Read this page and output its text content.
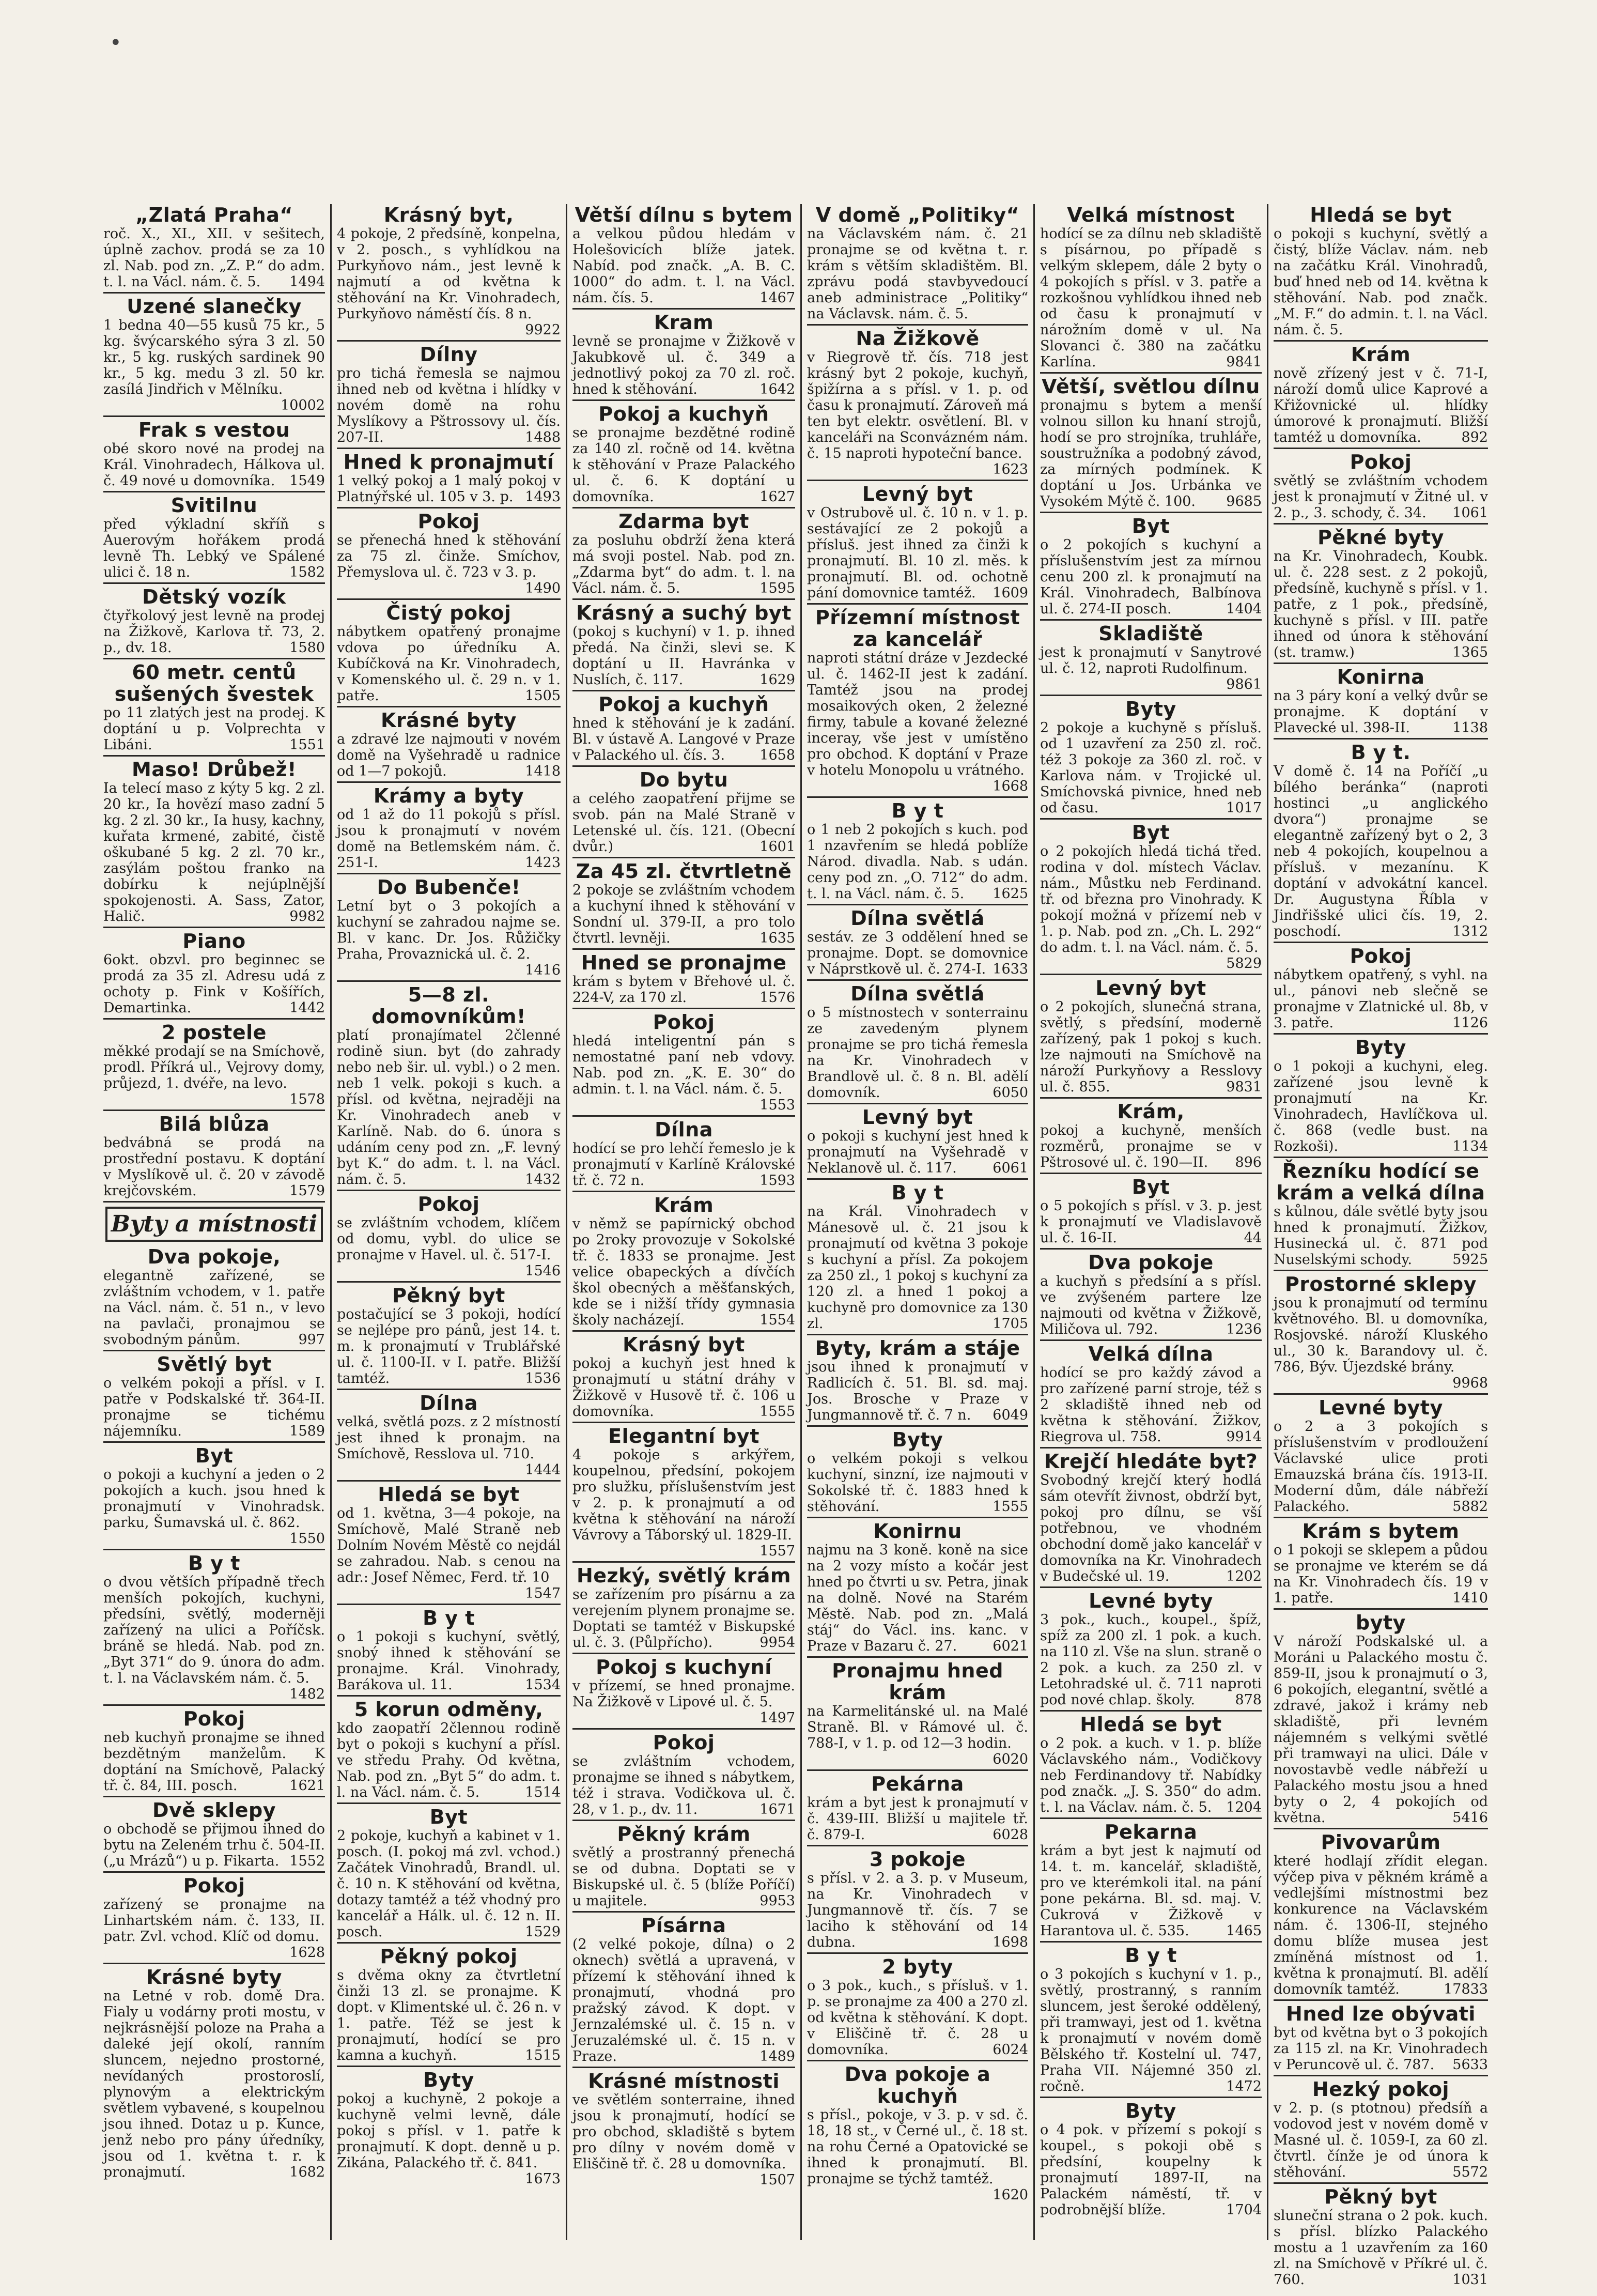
•
„Zlatá Praha“

roč. X., XI., XII. v sešitech, úplně zachov. prodá se za 10 zl. Nab. pod zn. „Z. P.“ do adm. t. l. na Václ. nám. č. 5. 1494

Uzené slanečky

1 bedna 40—55 kusů 75 kr., 5 kg. švýcarského sýra 3 zl. 50 kr., 5 kg. ruských sardinek 90 kr., 5 kg. medu 3 zl. 50 kr. zasílá Jindřich v Mělníku.
10002

Frak s vestou

obé skoro nové na prodej na Král. Vinohradech, Hálkova ul. č. 49 nové u domovníka. 1549

Svitilnu

před výkladní skříň s Auerovým hořákem prodá levně Th. Lebký ve Spálené ulici č. 18 n.	1582

Dětský vozík

čtyřkolový jest levně na prodej na Žižkově, Karlova tř. 73, 2. p., dv. 18.	1580

60 metr. centů sušených švestek

po 11 zlatých jest na prodej. K doptání u p. Volprechta v Libáni.	1551

Maso! Drůbež!

Ia telecí maso z kýty 5 kg. 2 zl. 20 kr., Ia hovězí maso zadní 5 kg. 2 zl. 30 kr., Ia husy, kachny, kuřata krmené, zabité, čistě oškubané 5 kg. 2 zl. 70 kr., zasýlám poštou franko na dobírku k nejúplnější spokojenosti. A. Sass, Zator, Halič.	9982

Piano

6okt. obzvl. pro beginnec se prodá za 35 zl. Adresu udá z ochoty p. Fink v Košířích, Demartinka.	1442

2 postele

měkké prodají se na Smíchově, prodl. Příkrá ul., Vejrovy domy, průjezd, 1. dvéře, na levo.
1578

Bilá blůza

bedvábná se prodá na prostřední postavu. K doptání v Myslíkově ul. č. 20 v závodě krejčovském.	1579

Byty a místnosti
Dva pokoje,

elegantně zařízené, se zvláštním vchodem, v 1. patře na Václ. nám. č. 51 n., v levo na pavlači, pronajmou se svobodným pánům.	997

Světlý byt

o velkém pokoji a přísl. v I. patře v Podskalské tř. 364-II. pronajme se tichému nájemníku.	1589

Byt

o pokoji a kuchyní a jeden o 2 pokojích a kuch. jsou hned k pronajmutí v Vinohradsk. parku, Šumavská ul. č. 862.
1550

B y t

o dvou větších případně třech menších pokojích, kuchyni, předsíni, světlý, moderněji zařízený na ulici a Poříčsk. bráně se hledá. Nab. pod zn. „Byt 371“ do 9. února do adm. t. l. na Václavském nám. č. 5.
1482

Pokoj

neb kuchyň pronajme se ihned bezdětným manželům. K doptání na Smíchově, Palacký tř. č. 84, III. posch.	1621

Dvě sklepy

o obchodě se přijmou ihned do bytu na Zeleném trhu č. 504-II. („u Mrázů“) u p. Fikarta. 1552

Pokoj

zařízený se pronajme na Linhartském nám. č. 133, II. patr. Zvl. vchod. Klíč od domu.
1628

Krásné byty

na Letné v rob. domě Dra. Fialy u vodárny proti mostu, v nejkrásnější poloze na Praha a daleké její okolí, ranním sluncem, nejedno prostorné, nevídaných prostoroslí, plynovým a elektrickým světlem vybavené, s koupelnou jsou ihned. Dotaz u p. Kunce, jenž nebo pro pány úředníky, jsou od 1. května t. r. k pronajmutí.	1682

Krásný byt,

4 pokoje, 2 předsíně, konpelna, v 2. posch., s vyhlídkou na Purkyňovo nám., jest levně k najmutí a od května k stěhování na Kr. Vinohradech, Purkyňovo náměstí čís. 8 n.
9922

Dílny

pro tichá řemesla se najmou ihned neb od května i hlídky v novém domě na rohu Myslíkovy a Pštrossovy ul. čís. 207-II.	1488

Hned k pronajmutí

1 velký pokoj a 1 malý pokoj v Platnýřské ul. 105 v 3. p. 1493

Pokoj

se přenechá hned k stěhování za 75 zl. činže. Smíchov, Přemyslova ul. č. 723 v 3. p.
1490

Čistý pokoj

nábytkem opatřený pronajme vdova po úředníku A. Kubíčková na Kr. Vinohradech, v Komenského ul. č. 29 n. v 1. patře.	1505

Krásné byty

a zdravé lze najmouti v novém domě na Vyšehradě u radnice od 1—7 pokojů.	1418

Krámy a byty

od 1 až do 11 pokojů s přísl. jsou k pronajmutí v novém domě na Betlemském nám. č. 251-I.	1423

Do Bubenče!

Letní byt o 3 pokojích a kuchyní se zahradou najme se. Bl. v kanc. Dr. Jos. Růžičky Praha, Provaznická ul. č. 2.
1416

5—8 zl. domovníkům!

platí pronajímatel 2členné rodině siun. byt (do zahrady nebo neb šir. ul. vybl.) o 2 men. neb 1 velk. pokoji s kuch. a přísl. od května, nejraději na Kr. Vinohradech aneb v Karlíně. Nab. do 6. února s udáním ceny pod zn. „F. levný byt K.“ do adm. t. l. na Václ. nám. č. 5.	1432

Pokoj

se zvláštním vchodem, klíčem od domu, vybl. do ulice se pronajme v Havel. ul. č. 517-I.
1546

Pěkný byt

postačující se 3 pokoji, hodící se nejlépe pro pánů, jest 14. t. m. k pronajmutí v Trublářské ul. č. 1100-II. v I. patře. Bližší tamtéž.	1536

Dílna

velká, světlá pozs. z 2 místností jest ihned k pronajm. na Smíchově, Resslova ul. 710.
1444

Hledá se byt

od 1. května, 3—4 pokoje, na Smíchově, Malé Straně neb Dolním Novém Městě co nejdál se zahradou. Nab. s cenou na adr.: Josef Němec, Ferd. tř. 10
1547

B y t

o 1 pokoji s kuchyní, světlý, snobý ihned k stěhování se pronajme. Král. Vinohrady, Barákova ul. 11.	1534

5 korun odměny,

kdo zaopatří 2člennou rodině byt o pokoji s kuchyní a přísl. ve středu Prahy. Od května, Nab. pod zn. „Byt 5“ do adm. t. l. na Václ. nám. č. 5.	1514

Byt

2 pokoje, kuchyň a kabinet v 1. posch. (I. pokoj má zvl. vchod.) Začátek Vinohradů, Brandl. ul. č. 10 n. K stěhování od května, dotazy tamtéž a též vhodný pro kancelář a Hálk. ul. č. 12 n. II. posch.	1529

Pěkný pokoj

s dvěma okny za čtvrtletní činži 13 zl. se pronajme. K dopt. v Klimentské ul. č. 26 n. v 1. patře. Též se jest k pronajmutí, hodící se pro kamna a kuchyň.	1515

Byty

pokoj a kuchyně, 2 pokoje a kuchyně velmi levně, dále pokoj s přísl. v 1. patře k pronajmutí. K dopt. denně u p. Zikána, Palackého tř. č. 841.
1673

Větší dílnu s bytem

a velkou půdou hledám v Holešovicích blíže jatek. Nabíd. pod značk. „A. B. C. 1000“ do adm. t. l. na Václ. nám. čís. 5.	1467

Kram

levně se pronajme v Žižkově v Jakubkově ul. č. 349 a jednotlivý pokoj za 70 zl. roč. hned k stěhování.	1642

Pokoj a kuchyň

se pronajme bezdětné rodině za 140 zl. ročně od 14. května k stěhování v Praze Palackého ul. č. 6. K doptání u domovníka.	1627

Zdarma byt

za posluhu obdrží žena která má svoji postel. Nab. pod zn. „Zdarma byt“ do adm. t. l. na Václ. nám. č. 5.	1595

Krásný a suchý byt

(pokoj s kuchyní) v 1. p. ihned předá. Na činži, slevi se. K doptání u II. Havránka v Nuslích, č. 117.	1629

Pokoj a kuchyň

hned k stěhování je k zadání. Bl. v ústavě A. Langové v Praze v Palackého ul. čís. 3. 1658

Do bytu

a celého zaopatření přijme se svob. pán na Malé Straně v Letenské ul. čís. 121. (Obecní dvůr.)	1601

Za 45 zl. čtvrtletně

2 pokoje se zvláštním vchodem a kuchyní ihned k stěhování v Sondní ul. 379-II, a pro tolo čtvrtl. levněji.	1635

Hned se pronajme

krám s bytem v Břehové ul. č. 224-V, za 170 zl.	1576

Pokoj

hledá inteligentní pán s nemostatné paní neb vdovy. Nab. pod zn. „K. E. 30“ do admin. t. l. na Václ. nám. č. 5.
1553

Dílna

hodící se pro lehčí řemeslo je k pronajmutí v Karlíně Královské tř. č. 72 n.	1593

Krám

v němž se papírnický obchod po 2roky provozuje v Sokolské tř. č. 1833 se pronajme. Jest velice obapeckých a dívčích škol obecných a měšťanských, kde se i nižší třídy gymnasia školy nacházejí.	1554

Krásný byt

pokoj a kuchyň jest hned k pronajmutí u státní dráhy v Žižkově v Husově tř. č. 106 u domovníka.	1555

Elegantní byt

4 pokoje s arkýřem, koupelnou, předsíní, pokojem pro služku, příslušenstvím jest v 2. p. k pronajmutí a od května k stěhování na nároží Vávrovy a Táborský ul. 1829-II.
1557

Hezký, světlý krám

se zařízením pro písárnu a za verejením plynem pronajme se. Doptati se tamtéž v Biskupské ul. č. 3. (Půlpřícho).	9954

Pokoj s kuchyní

v přízemí, se hned pronajme. Na Žižkově v Lipové ul. č. 5.
1497

Pokoj

se zvláštním vchodem, pronajme se ihned s nábytkem, též i strava. Vodičkova ul. č. 28, v 1. p., dv. 11.	1671

Pěkný krám

světlý a prostranný přenechá se od dubna. Doptati se v Biskupské ul. č. 5 (blíže Poříčí) u majitele.	9953

Písárna

(2 velké pokoje, dílna) o 2 oknech) světlá a upravená, v přízemí k stěhování ihned k pronajmutí, vhodná pro pražský závod. K dopt. v Jernzalémské ul. č. 15 n. v Jeruzalémské ul. č. 15 n. v Praze.	1489

Krásné místnosti

ve světlém sonterraine, ihned jsou k pronajmutí, hodící se pro obchod, skladiště s bytem pro dílny v novém domě v Eliščině tř. č. 28 u domovníka.
1507

V domě „Politiky“

na Václavském nám. č. 21 pronajme se od května t. r. krám s větším skladištěm. Bl. zprávu podá stavbyvedoucí aneb administrace „Politiky“ na Václavsk. nám. č. 5.

Na Žižkově

v Riegrově tř. čís. 718 jest krásný byt 2 pokoje, kuchyň, špižírna a s přísl. v 1. p. od času k pronajmutí. Zároveň má ten byt elektr. osvětlení. Bl. v kanceláři na Sconvázném nám. č. 15 naproti hypoteční bance.
1623

Levný byt

v Ostrubově ul. č. 10 n. v 1. p. sestávající ze 2 pokojů a přísluš. jest ihned za činži k pronajmutí. Bl. 10 zl. měs. k pronajmutí. Bl. od. ochotně pání domovnice tamtéž. 1609

Přízemní místnost za kancelář

naproti státní dráze v Jezdecké ul. č. 1462-II jest k zadání. Tamtéž jsou na prodej mosaikových oken, 2 železné firmy, tabule a kované železné inceray, vše jest v umístěno pro obchod. K doptání v Praze v hotelu Monopolu u vrátného.
1668

B y t

o 1 neb 2 pokojích s kuch. pod 1 nzavřením se hledá poblíže Národ. divadla. Nab. s udán. ceny pod zn. „O. 712“ do adm. t. l. na Václ. nám. č. 5. 1625

Dílna světlá

sestáv. ze 3 oddělení hned se pronajme. Dopt. se domovnice v Náprstkově ul. č. 274-I. 1633

Dílna světlá

o 5 místnostech v sonterrainu ze zavedeným plynem pronajme se pro tichá řemesla na Kr. Vinohradech v Brandlově ul. č. 8 n. Bl. adělí domovník.	6050

Levný byt

o pokoji s kuchyní jest hned k pronajmutí na Vyšehradě v Neklanově ul. č. 117.	6061

B y t

na Král. Vinohradech v Mánesově ul. č. 21 jsou k pronajmutí od května 3 pokoje s kuchyní a přísl. Za pokojem za 250 zl., 1 pokoj s kuchyní za 120 zl. a hned 1 pokoj a kuchyně pro domovnice za 130 zl.	1705

Byty, krám a stáje

jsou ihned k pronajmutí v Radlicích č. 51. Bl. sd. maj. Jos. Brosche v Praze v Jungmannově tř. č. 7 n. 6049

Byty

o velkém pokoji s velkou kuchyní, sinzní, ize najmouti v Sokolské tř. č. 1883 hned k stěhování.	1555

Konirnu

najmu na 3 koně. koně na sice na 2 vozy místo a kočár jest hned po čtvrti u sv. Petra, jinak na dolně. Nové na Starém Městě. Nab. pod zn. „Malá stáj“ do Václ. ins. kanc. v Praze v Bazaru č. 27.	6021

Pronajmu hned krám

na Karmelitánské ul. na Malé Straně. Bl. v Rámové ul. č. 788-I, v 1. p. od 12—3 hodin.
6020

Pekárna

krám a byt jest k pronajmutí v č. 439-III. Bližší u majitele tř. č. 879-I.	6028

3 pokoje

s přísl. v 2. a 3. p. v Museum, na Kr. Vinohradech v Jungmannově tř. čís. 7 se laciho k stěhování od 14 dubna.	1698

2 byty

o 3 pok., kuch., s přísluš. v 1. p. se pronajme za 400 a 270 zl. od května k stěhování. K dopt. v Eliščině tř. č. 28 u domovníka.	6024

Dva pokoje a kuchyň

s přísl., pokoje, v 3. p. v sd. č. 18, 18 st., v Černé ul., č. 18 st. na rohu Černé a Opatovické se ihned k pronajmutí. Bl. pronajme se týchž tamtéž.
1620

Velká místnost

hodící se za dílnu neb skladiště s písárnou, po případě s velkým sklepem, dále 2 byty o 4 pokojích s přísl. v 3. patře a rozkošnou vyhlídkou ihned neb od času k pronajmutí v nárožním domě v ul. Na Slovanci č. 380 na začátku Karlína.	9841

Větší, světlou dílnu

pronajmu s bytem a menší volnou sillon ku hnaní strojů, hodí se pro strojníka, truhláře, soustružníka a podobný závod, za mírných podmínek. K doptání u Jos. Urbánka ve Vysokém Mýtě č. 100. 9685

Byt

o 2 pokojích s kuchyní a příslušenstvím jest za mírnou cenu 200 zl. k pronajmutí na Král. Vinohradech, Balbínova ul. č. 274-II posch.	1404

Skladiště

jest k pronajmutí v Sanytrové ul. č. 12, naproti Rudolfinum.
9861

Byty

2 pokoje a kuchyně s přísluš. od 1 uzavření za 250 zl. roč. též 3 pokoje za 360 zl. roč. v Karlova nám. v Trojické ul. Smíchovská pivnice, hned neb od času.	1017

Byt

o 2 pokojích hledá tichá třed. rodina v dol. místech Václav. nám., Můstku neb Ferdinand. tř. od března pro Vinohrady. K pokojí možná v přízemí neb v 1. p. Nab. pod zn. „Ch. L. 292“ do adm. t. l. na Václ. nám. č. 5.
5829

Levný byt

o 2 pokojích, slunečná strana, světlý, s předsíní, moderně zařízený, pak 1 pokoj s kuch. lze najmouti na Smíchově na nároží Purkyňovy a Resslovy ul. č. 855.	9831

Krám,

pokoj a kuchyně, menších rozměrů, pronajme se v Pštrosové ul. č. 190—II. 896

Byt

o 5 pokojích s přísl. v 3. p. jest k pronajmutí ve Vladislavově ul. č. 16-II.	44

Dva pokoje

a kuchyň s předsíní a s přísl. ve zvýšeném partere lze najmouti od května v Žižkově, Miličova ul. 792.	1236

Velká dílna

hodící se pro každý závod a pro zařízené parní stroje, též s 2 skladiště ihned neb od května k stěhování. Žižkov, Riegrova ul. 758.	9914

Krejčí hledáte byt?

Svobodný krejčí který hodlá sám otevřít živnost, obdrží byt, pokoj pro dílnu, se vší potřebnou, ve vhodném obchodní domě jako kancelář v domovníka na Kr. Vinohradech v Budečské ul. 19.	1202

Levné byty

3 pok., kuch., koupel., špíž, spíž za 200 zl. 1 pok. a kuch. na 110 zl. Vše na slun. straně o 2 pok. a kuch. za 250 zl. v Letohradské ul. č. 711 naproti pod nové chlap. školy.	878

Hledá se byt

o 2 pok. a kuch. v 1. p. blíže Václavského nám., Vodičkovy neb Ferdinandovy tř. Nabídky pod značk. „J. S. 350“ do adm. t. l. na Václav. nám. č. 5. 1204

Pekarna

krám a byt jest k najmutí od 14. t. m. kancelář, skladiště, pro ve kterémkoli ital. na pání pone pekárna. Bl. sd. maj. V. Cukrová v Žižkově v Harantova ul. č. 535.	1465

B y t

o 3 pokojích s kuchyní v 1. p., světlý, prostranný, s ranním sluncem, jest šeroké oddělený, při tramwayi, jest od 1. května k pronajmutí v novém domě Bělského tř. Kostelní ul. 747, Praha VII. Nájemné 350 zl. ročně.	1472

Byty

o 4 pok. v přízemí s pokojí s koupel., s pokoji obě s předsíní, koupelny k pronajmutí 1897-II, na Palackém náměstí, tř. v podrobnější blíže.	1704

Hledá se byt

o pokoji s kuchyní, světlý a čistý, blíže Václav. nám. neb na začátku Král. Vinohradů, buď hned neb od 14. května k stěhování. Nab. pod značk. „M. F.“ do admin. t. l. na Václ. nám. č. 5.

Krám

nově zřízený jest v č. 71-I, nároží domů ulice Kaprové a Křižovnické ul. hlídky úmorové k pronajmutí. Bližší tamtéž u domovníka.	892

Pokoj

světlý se zvláštním vchodem jest k pronajmutí v Žitné ul. v 2. p., 3. schody, č. 34. 1061

Pěkné byty

na Kr. Vinohradech, Koubk. ul. č. 228 sest. z 2 pokojů, předsíně, kuchyně s přísl. v 1. patře, z 1 pok., předsíně, kuchyně s přísl. v III. patře ihned od února k stěhování (st. tramw.)	1365

Konirna

na 3 páry koní a velký dvůr se pronajme. K doptání v Plavecké ul. 398-II.	1138

B y t.

V domě č. 14 na Poříčí „u bílého beránka“ (naproti hostinci „u anglického dvora“) pronajme se elegantně zařízený byt o 2, 3 neb 4 pokojích, koupelnou a přísluš. v mezanínu. K doptání v advokátní kancel. Dr. Augustyna Říbla v Jindřišské ulici čís. 19, 2. poschodí.	1312

Pokoj

nábytkem opatřený, s vyhl. na ul., pánovi neb slečně se pronajme v Zlatnické ul. 8b, v 3. patře.	1126

Byty

o 1 pokoji a kuchyni, eleg. zařízené jsou levně k pronajmutí na Kr. Vinohradech, Havlíčkova ul. č. 868 (vedle bust. na Rozkoši).	1134

Řezníku hodící se krám a velká dílna

s kůlnou, dále světlé byty jsou hned k pronajmutí. Žižkov, Husinecká ul. č. 871 pod Nuselskými schody.	5925

Prostorné sklepy

jsou k pronajmutí od termínu květnového. Bl. u domovníka, Rosjovské. nároží Kluského ul., 30 k. Barandovy ul. č. 786, Býv. Újezdské brány.
9968

Levné byty

o 2 a 3 pokojích s příslušenstvím v prodloužení Václavské ulice proti Emauzská brána čís. 1913-II. Moderní dům, dále nábřeží Palackého.	5882

Krám s bytem

o 1 pokoji se sklepem a půdou se pronajme ve kterém se dá na Kr. Vinohradech čís. 19 v 1. patře.	1410

byty

V nároží Podskalské ul. a Moráni u Palackého mostu č. 859-II, jsou k pronajmutí o 3, 6 pokojích, elegantní, světlé a zdravé, jakož i krámy neb skladiště, při levném nájemném s velkými světlé při tramwayi na ulici. Dále v novostavbě vedle nábřeží u Palackého mostu jsou a hned byty o 2, 4 pokojích od května.	5416

Pivovarům

které hodlají zřídit elegan. výčep piva v pěkném krámě a vedlejšími místnostmi bez konkurence na Václavském nám. č. 1306-II, stejného domu blíže musea jest zmíněná místnost od 1. května k pronajmutí. Bl. adělí domovník tamtéž.	17833

Hned lze obývati

byt od května byt o 3 pokojích za 115 zl. na Kr. Vinohradech v Peruncově ul. č. 787. 5633

Hezký pokoj

v 2. p. (s ptotnou) předsíň a vodovod jest v novém domě v Masné ul. č. 1059-I, za 60 zl. čtvrtl. čínže je od února k stěhování.	5572

Pěkný byt

sluneční strana o 2 pok. kuch. s přísl. blízko Palackého mostu a 1 uzavřením za 160 zl. na Smíchově v Příkré ul. č. 760.	1031
